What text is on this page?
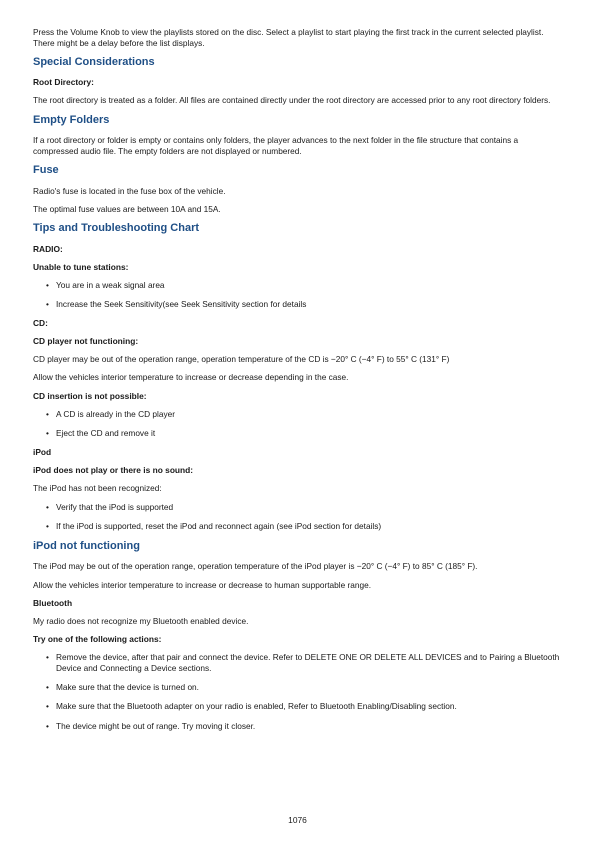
Press the Volume Knob to view the playlists stored on the disc. Select a playlist to start playing the first track in the current selected playlist. There might be a delay before the list displays.

Special Considerations

Root Directory:

The root directory is treated as a folder. All files are contained directly under the root directory are accessed prior to any root directory folders.

Empty Folders

If a root directory or folder is empty or contains only folders, the player advances to the next folder in the file structure that contains a compressed audio file. The empty folders are not displayed or numbered.

Fuse

Radio's fuse is located in the fuse box of the vehicle.

The optimal fuse values are between 10A and 15A.

Tips and Troubleshooting Chart

RADIO:

Unable to tune stations:

• You are in a weak signal area
• Increase the Seek Sensitivity(see Seek Sensitivity section for details

CD:

CD player not functioning:

CD player may be out of the operation range, operation temperature of the CD is −20° C (−4° F) to 55° C (131° F)

Allow the vehicles interior temperature to increase or decrease depending in the case.

CD insertion is not possible:

• A CD is already in the CD player
• Eject the CD and remove it

iPod

iPod does not play or there is no sound:

The iPod has not been recognized:

• Verify that the iPod is supported
• If the iPod is supported, reset the iPod and reconnect again (see iPod section for details)
iPod not functioning

The iPod may be out of the operation range, operation temperature of the iPod player is −20° C (−4° F) to 85° C (185° F).

Allow the vehicles interior temperature to increase or decrease to human supportable range.

Bluetooth

My radio does not recognize my Bluetooth enabled device.

Try one of the following actions:

• Remove the device, after that pair and connect the device. Refer to DELETE ONE OR DELETE ALL DEVICES and to Pairing a Bluetooth Device and Connecting a Device sections.
• Make sure that the device is turned on.
• Make sure that the Bluetooth adapter on your radio is enabled, Refer to Bluetooth Enabling/Disabling section.
• The device might be out of range. Try moving it closer.
1076
